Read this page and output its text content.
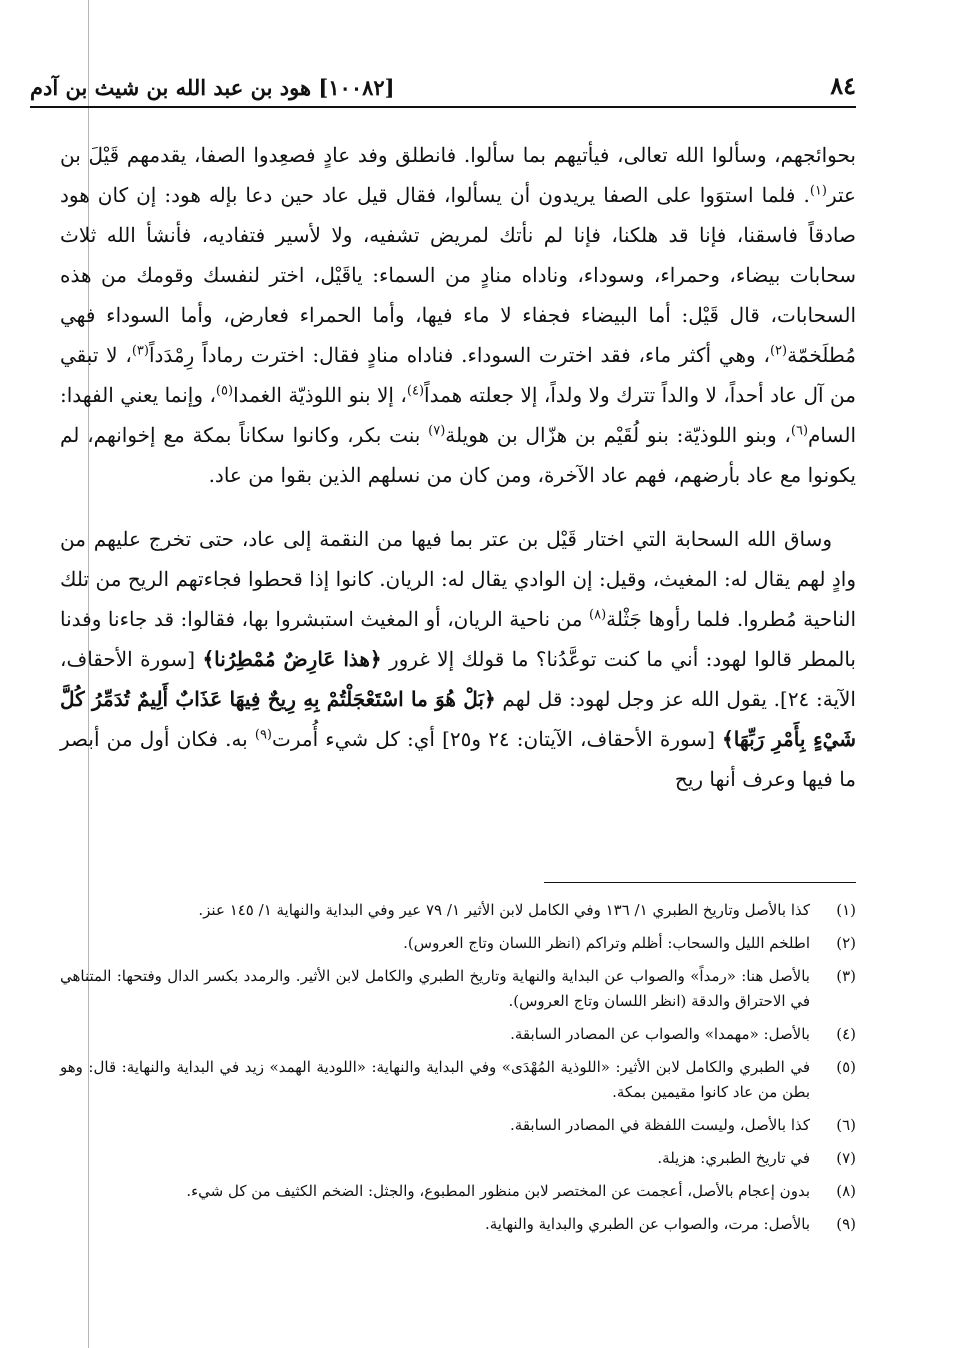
٨٤
[١٠٠٨٢] هود بن عبد الله بن شيث بن آدم

بحوائجهم، وسألوا الله تعالى، فيأتيهم بما سألوا. فانطلق وفد عادٍ فصعِدوا الصفا، يقدمهم قَيْلَ بن عتر$^{(١)}$. فلما استوَوا على الصفا يريدون أن يسألوا، فقال قيل عاد حين دعا بإله هود: إن كان هود صادقاً فاسقنا، فإنا قد هلكنا، فإنا لم نأتك لمريض تشفيه، ولا لأسير فتفاديه، فأنشأ الله ثلاث سحابات بيضاء، وحمراء، وسوداء، وناداه منادٍ من السماء: ياقَيْل، اختر لنفسك وقومك من هذه السحابات، قال قَيْل: أما البيضاء فجفاء لا ماء فيها، وأما الحمراء فعارض، وأما السوداء فهي مُطلَخمّة$^{(٢)}$، وهي أكثر ماء، فقد اخترت السوداء. فناداه منادٍ فقال: اخترت رماداً رِمْدَداً$^{(٣)}$، لا تبقي من آل عاد أحداً، لا والداً تترك ولا ولداً، إلا جعلته همداً$^{(٤)}$، إلا بنو اللوذيّة الغمدا$^{(٥)}$، وإنما يعني الفهدا: السام$^{(٦)}$، وبنو اللوذيّة: بنو لُقَيْم بن هزّال بن هويلة$^{(٧)}$ بنت بكر، وكانوا سكاناً بمكة مع إخوانهم، لم يكونوا مع عاد بأرضهم، فهم عاد الآخرة، ومن كان من نسلهم الذين بقوا من عاد.

وساق الله السحابة التي اختار قَيْل بن عتر بما فيها من النقمة إلى عاد، حتى تخرج عليهم من وادٍ لهم يقال له: المغيث، وقيل: إن الوادي يقال له: الريان. كانوا إذا قحطوا فجاءتهم الريح من تلك الناحية مُطروا. فلما رأوها جَثْلة$^{(٨)}$ من ناحية الريان، أو المغيث استبشروا بها، فقالوا: قد جاءنا وفدنا بالمطر قالوا لهود: أني ما كنت توعَّدُنا؟ ما قولك إلا غرور ﴿هذا عَارِضٌ مُمْطِرُنا﴾ [سورة الأحقاف، الآية: ٢٤]. يقول الله عز وجل لهود: قل لهم ﴿بَلْ هُوَ ما اسْتَعْجَلْتُمْ بِهِ رِيحٌ فِيهَا عَذَابٌ أَلِيمٌ تُدَمِّرُ كُلَّ شَيْءٍ بِأَمْرِ رَبِّهَا﴾ [سورة الأحقاف، الآيتان: ٢٤ و٢٥] أي: كل شيء أُمرت$^{(٩)}$ به. فكان أول من أبصر ما فيها وعرف أنها ريح

(١)
كذا بالأصل وتاريخ الطبري ١/ ١٣٦ وفي الكامل لابن الأثير ١/ ٧٩ عير وفي البداية والنهاية ١/ ١٤٥ عنز.
(٢)
اطلخم الليل والسحاب: أظلم وتراكم (انظر اللسان وتاج العروس).
(٣)
بالأصل هنا: «رمداً» والصواب عن البداية والنهاية وتاريخ الطبري والكامل لابن الأثير. والرمدد بكسر الدال وفتحها: المتناهي في الاحتراق والدقة (انظر اللسان وتاج العروس).
(٤)
بالأصل: «مهمدا» والصواب عن المصادر السابقة.
(٥)
في الطبري والكامل لابن الأثير: «اللوذية المُهْدَى» وفي البداية والنهاية: «اللودية الهمد» زيد في البداية والنهاية: قال: وهو بطن من عاد كانوا مقيمين بمكة.
(٦)
كذا بالأصل، وليست اللفظة في المصادر السابقة.
(٧)
في تاريخ الطبري: هزيلة.
(٨)
بدون إعجام بالأصل، أعجمت عن المختصر لابن منظور المطبوع، والجثل: الضخم الكثيف من كل شيء.
(٩)
بالأصل: مرت، والصواب عن الطبري والبداية والنهاية.
